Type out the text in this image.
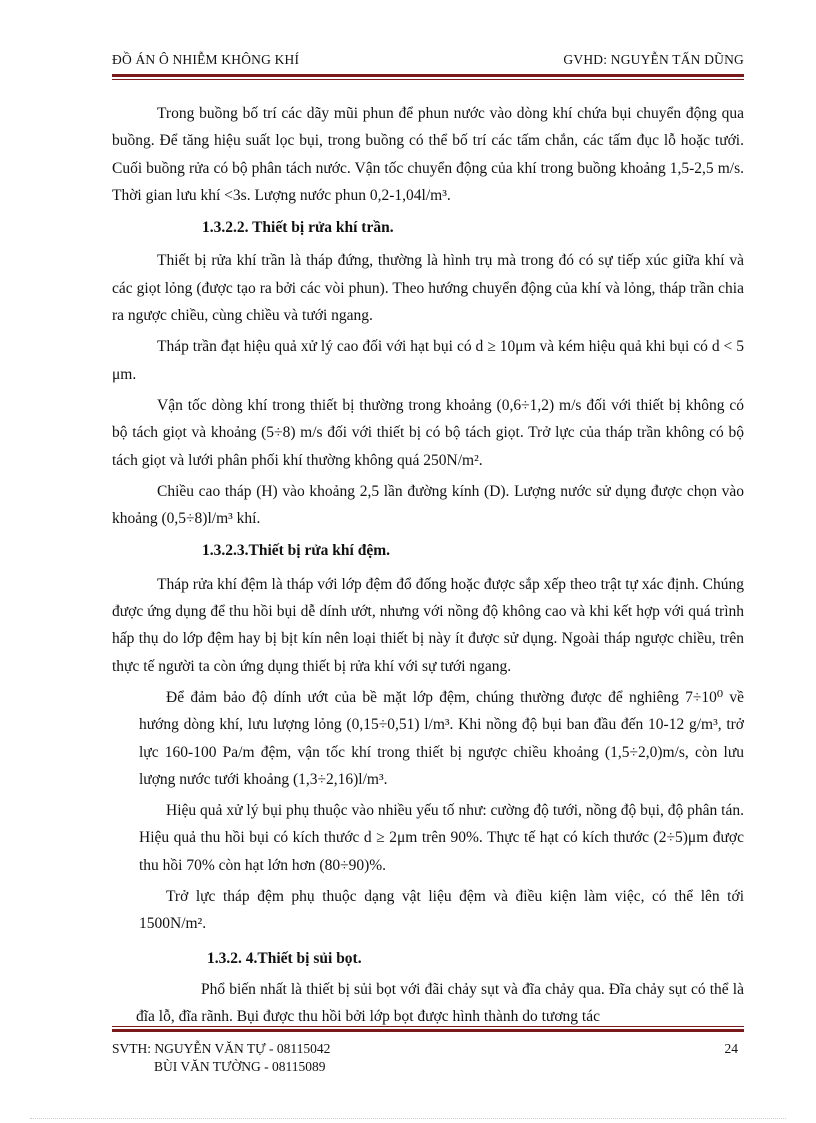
ĐỒ ÁN Ô NHIỄM KHÔNG KHÍ	GVHD: NGUYỄN TẤN DŨNG

Trong buồng bố trí các dãy mũi phun để phun nước vào dòng khí chứa bụi chuyển động qua buồng. Để tăng hiệu suất lọc bụi, trong buồng có thể bố trí các tấm chắn, các tấm đục lỗ hoặc tưới. Cuối buồng rửa có bộ phân tách nước. Vận tốc chuyển động của khí trong buồng khoảng 1,5-2,5 m/s. Thời gian lưu khí <3s. Lượng nước phun 0,2-1,04l/m³.

1.3.2.2. Thiết bị rửa khí trần.

Thiết bị rửa khí trần là tháp đứng, thường là hình trụ mà trong đó có sự tiếp xúc giữa khí và các giọt lỏng (được tạo ra bởi các vòi phun). Theo hướng chuyển động của khí và lỏng, tháp trần chia ra ngược chiều, cùng chiều và tưới ngang.

Tháp trần đạt hiệu quả xử lý cao đối với hạt bụi có d ≥ 10μm và kém hiệu quả khi bụi có d < 5 μm.

Vận tốc dòng khí trong thiết bị thường trong khoảng (0,6÷1,2) m/s đối với thiết bị không có bộ tách giọt và khoảng (5÷8) m/s đối với thiết bị có bộ tách giọt. Trở lực của tháp trần không có bộ tách giọt và lưới phân phối khí thường không quá 250N/m².

Chiều cao tháp (H) vào khoảng 2,5 lần đường kính (D). Lượng nước sử dụng được chọn vào khoảng (0,5÷8)l/m³ khí.

1.3.2.3.Thiết bị rửa khí đệm.

Tháp rửa khí đệm là tháp với lớp đệm đổ đống hoặc được sắp xếp theo trật tự xác định. Chúng được ứng dụng để thu hồi bụi dễ dính ướt, nhưng với nồng độ không cao và khi kết hợp với quá trình hấp thụ do lớp đệm hay bị bịt kín nên loại thiết bị này ít được sử dụng. Ngoài tháp ngược chiều, trên thực tế người ta còn ứng dụng thiết bị rửa khí với sự tưới ngang.

Để đảm bảo độ dính ướt của bề mặt lớp đệm, chúng thường được để nghiêng 7÷10⁰ về hướng dòng khí, lưu lượng lỏng (0,15÷0,51) l/m³. Khi nồng độ bụi ban đầu đến 10-12 g/m³, trở lực 160-100 Pa/m đệm, vận tốc khí trong thiết bị ngược chiều khoảng (1,5÷2,0)m/s, còn lưu lượng nước tưới khoảng (1,3÷2,16)l/m³.

Hiệu quả xử lý bụi phụ thuộc vào nhiều yếu tố như: cường độ tưới, nồng độ bụi, độ phân tán. Hiệu quả thu hồi bụi có kích thước d ≥ 2μm trên 90%. Thực tế hạt có kích thước (2÷5)μm được thu hồi 70% còn hạt lớn hơn (80÷90)%.

Trở lực tháp đệm phụ thuộc dạng vật liệu đệm và điều kiện làm việc, có thể lên tới 1500N/m².

1.3.2. 4.Thiết bị sủi bọt.

Phổ biến nhất là thiết bị sủi bọt với đãi chảy sụt và đĩa chảy qua. Đĩa chảy sụt có thể là đĩa lỗ, đĩa rãnh. Bụi được thu hồi bởi lớp bọt được hình thành do tương tác

SVTH: NGUYỄN VĂN TỰ - 08115042
BÙI VĂN TƯỜNG - 08115089
24
